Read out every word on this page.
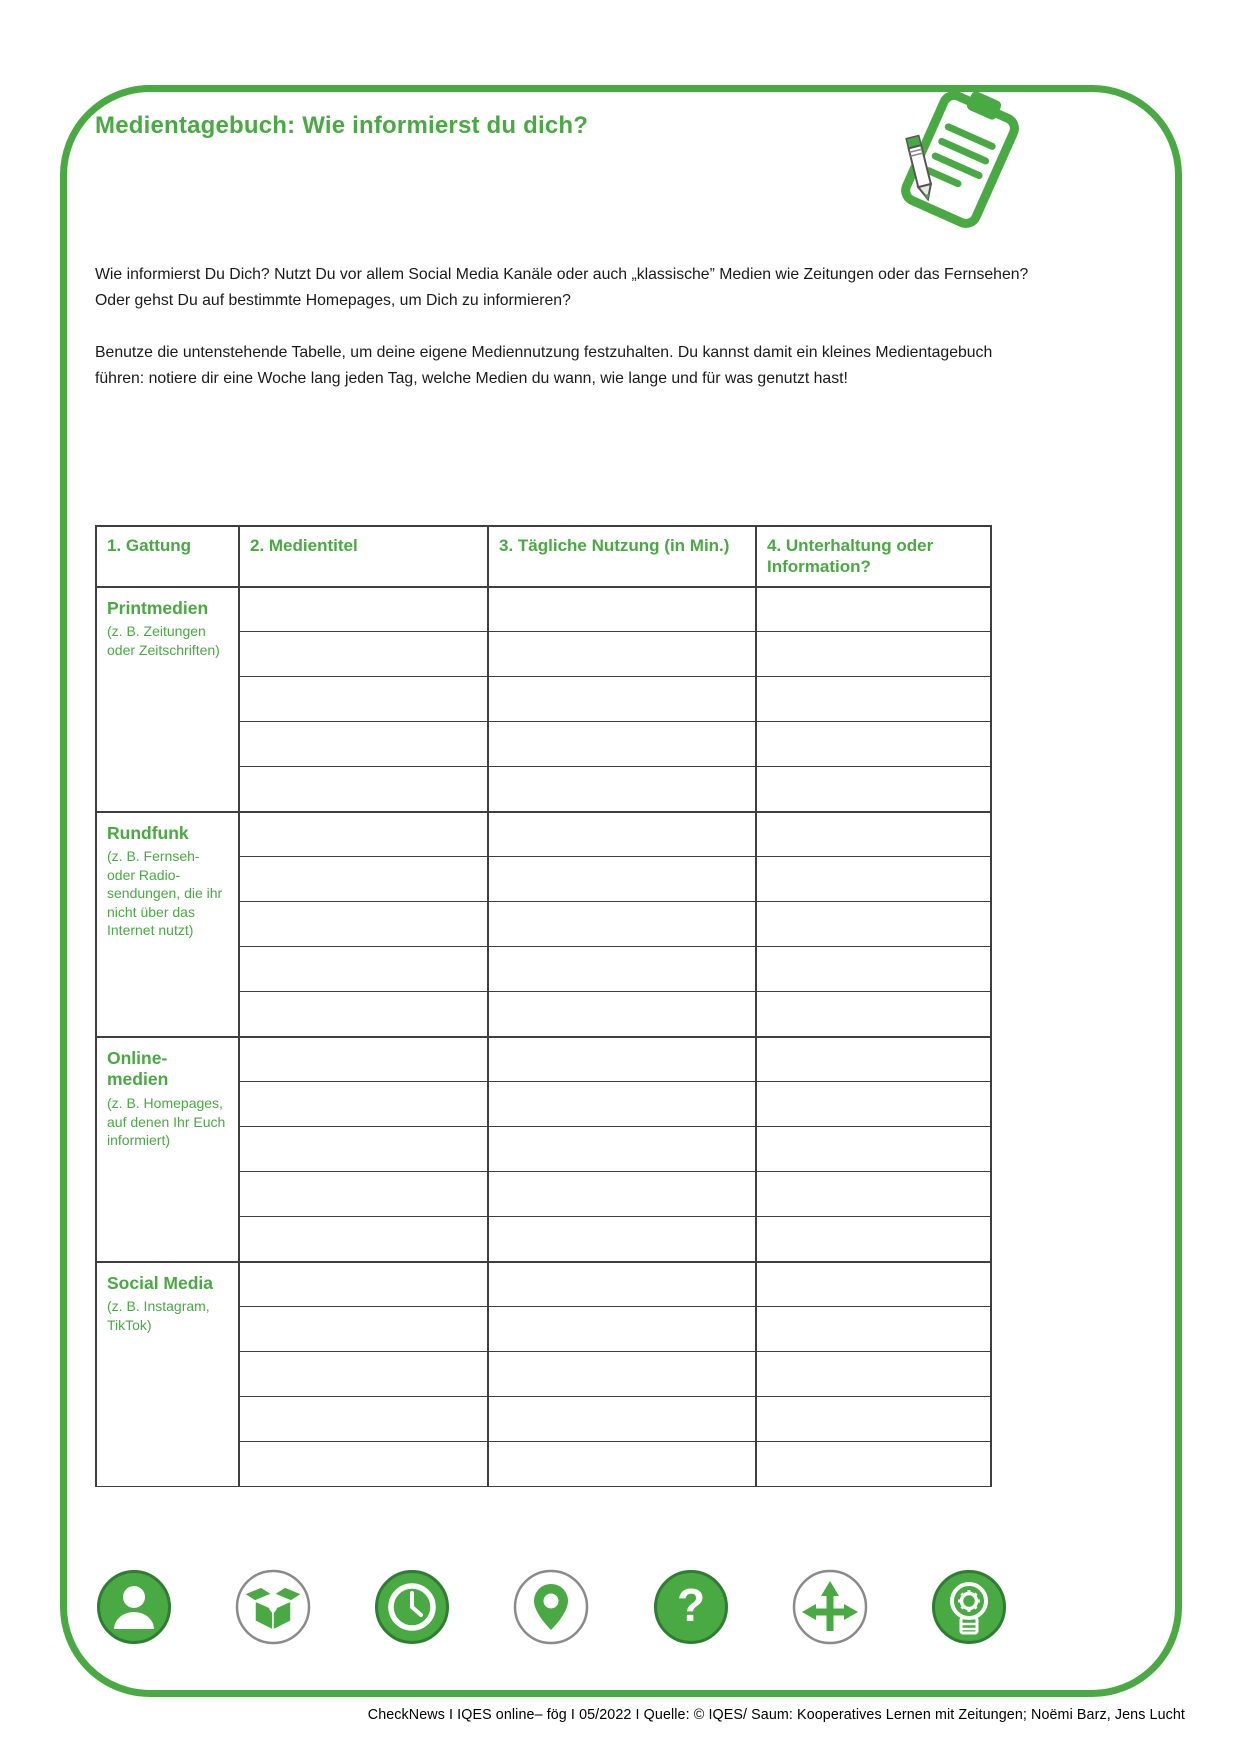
Medientagebuch: Wie informierst du dich?

Wie informierst Du Dich? Nutzt Du vor allem Social Media Kanäle oder auch „klassische” Medien wie Zeitungen oder das Fernsehen? Oder gehst Du auf bestimmte Homepages, um Dich zu informieren?

Benutze die untenstehende Tabelle, um deine eigene Mediennutzung festzuhalten. Du kannst damit ein kleines Medientagebuch führen: notiere dir eine Woche lang jeden Tag, welche Medien du wann, wie lange und für was genutzt hast!

1. Gattung	2. Medientitel	3. Tägliche Nutzung (in Min.)	4. Unterhaltung oder Information?

Printmedien
(z. B. Zeitungen oder Zeitschriften)			

Rundfunk
(z. B. Fernseh- oder Radio-sendungen, die ihr nicht über das Internet nutzt)			

Online-medien
(z. B. Homepages, auf denen Ihr Euch informiert)			

Social Media
(z. B. Instagram, TikTok)			

?
CheckNews I IQES online– fög I 05/2022 I Quelle: © IQES/ Saum: Kooperatives Lernen mit Zeitungen; Noëmi Barz, Jens Lucht
